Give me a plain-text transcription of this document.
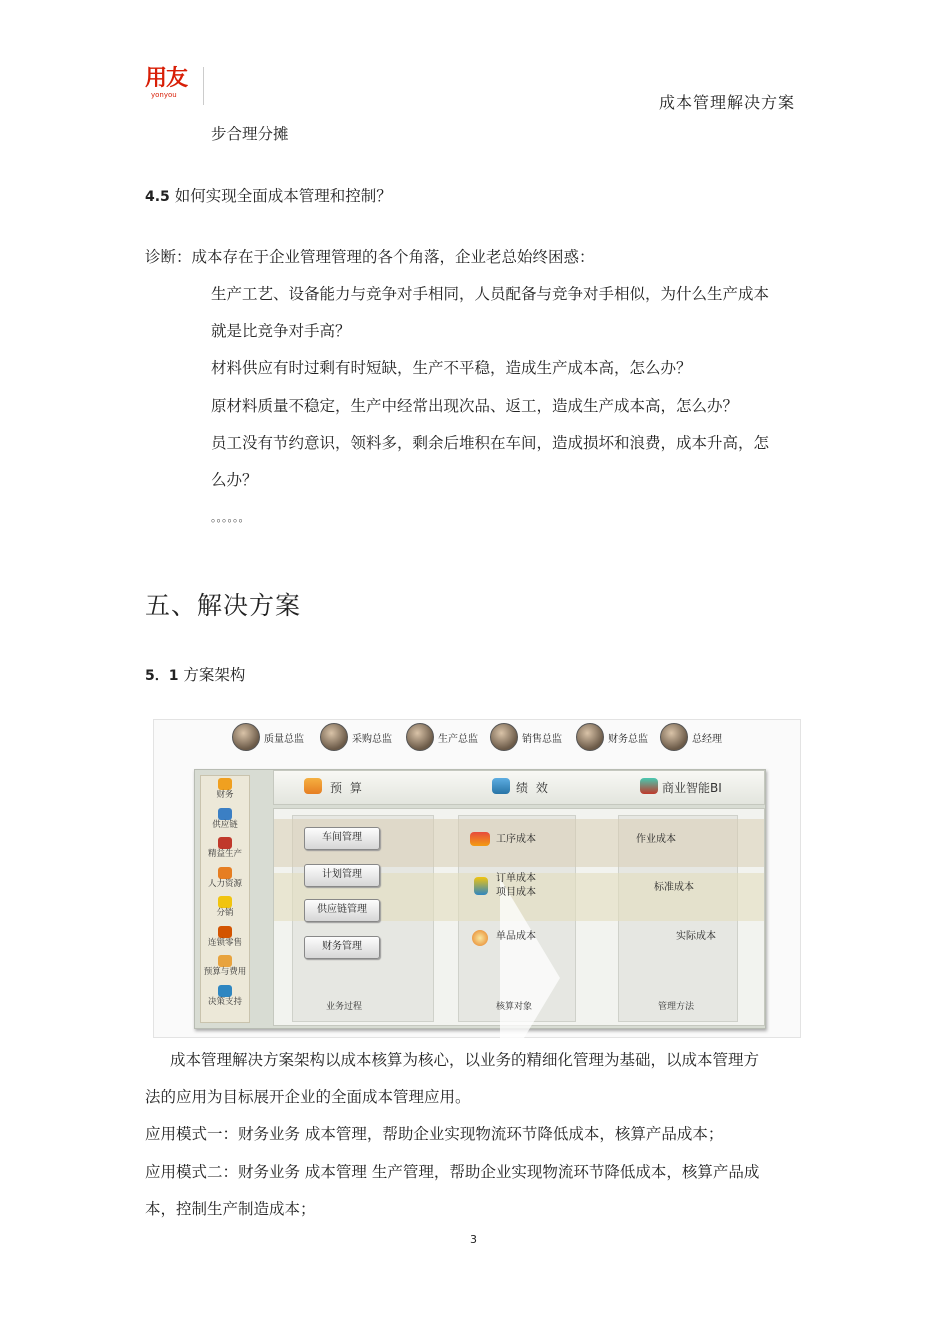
用友
yonyou	成本管理解决方案
步合理分摊
4.5 如何实现全面成本管理和控制？
诊断：成本存在于企业管理管理的各个角落，企业老总始终困惑：
生产工艺、设备能力与竞争对手相同，人员配备与竞争对手相似，为什么生产成本
就是比竞争对手高？
材料供应有时过剩有时短缺，生产不平稳，造成生产成本高，怎么办？
原材料质量不稳定，生产中经常出现次品、返工，造成生产成本高，怎么办？
员工没有节约意识，领料多，剩余后堆积在车间，造成损坏和浪费，成本升高，怎
么办？
。。。。。。
五、解决方案
5．1 方案架构
质量总监	采购总监	生产总监	销售总监	财务总监	总经理
财务
供应链
精益生产
人力资源
分销
连锁零售
预算与费用
决策支持
预 算	绩 效	商业智能BI
车间管理
计划管理
供应链管理
财务管理
工序成本
订单成本
项目成本
单品成本
作业成本
标准成本
实际成本
业务过程	核算对象	管理方法
成本管理解决方案架构以成本核算为核心，以业务的精细化管理为基础，以成本管理方
法的应用为目标展开企业的全面成本管理应用。
应用模式一：财务业务 成本管理，帮助企业实现物流环节降低成本，核算产品成本；
应用模式二：财务业务 成本管理 生产管理，帮助企业实现物流环节降低成本，核算产品成
本，控制生产制造成本；
3
